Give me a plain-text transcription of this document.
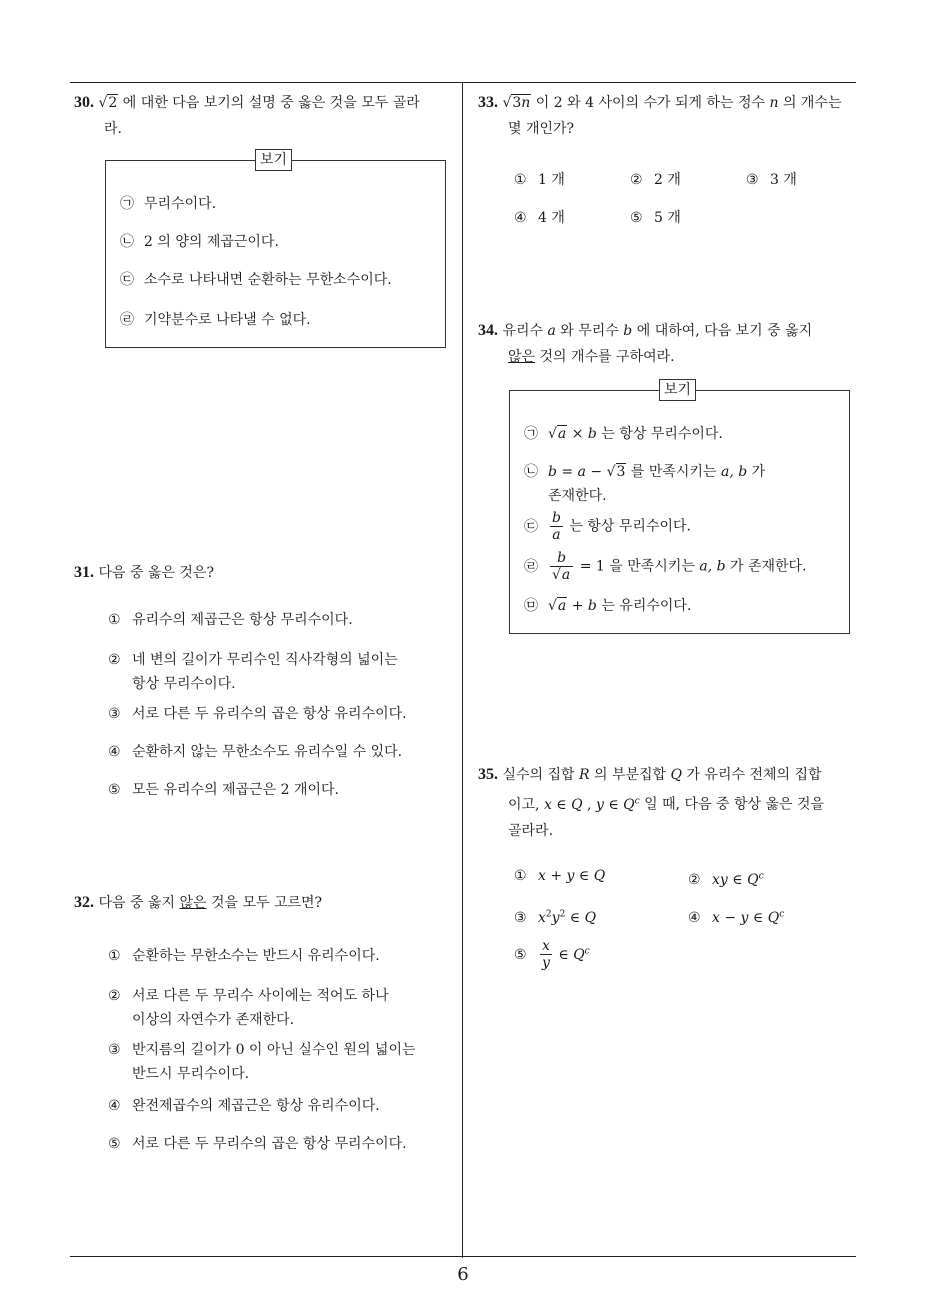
6
30. √2 에 대한 다음 보기의 설명 중 옳은 것을 모두 골라
라.
보기
㉠ 무리수이다.
㉡ 2 의 양의 제곱근이다.
㉢ 소수로 나타내면 순환하는 무한소수이다.
㉣ 기약분수로 나타낼 수 없다.
31. 다음 중 옳은 것은?
① 유리수의 제곱근은 항상 무리수이다.
② 네 변의 길이가 무리수인 직사각형의 넓이는
항상 무리수이다.
③ 서로 다른 두 유리수의 곱은 항상 유리수이다.
④ 순환하지 않는 무한소수도 유리수일 수 있다.
⑤ 모든 유리수의 제곱근은 2 개이다.
32. 다음 중 옳지 않은 것을 모두 고르면?
① 순환하는 무한소수는 반드시 유리수이다.
② 서로 다른 두 무리수 사이에는 적어도 하나
이상의 자연수가 존재한다.
③ 반지름의 길이가 0 이 아닌 실수인 원의 넓이는
반드시 무리수이다.
④ 완전제곱수의 제곱근은 항상 유리수이다.
⑤ 서로 다른 두 무리수의 곱은 항상 무리수이다.
33. √3n 이 2 와 4 사이의 수가 되게 하는 정수 n 의 개수는
몇 개인가?
① 1 개	② 2 개	③ 3 개
④ 4 개	⑤ 5 개
34. 유리수 a 와 무리수 b 에 대하여, 다음 보기 중 옳지
않은 것의 개수를 구하여라.
보기
㉠ √a × b 는 항상 무리수이다.
㉡ b = a − √3 를 만족시키는 a, b 가
존재한다.
㉢ $\frac{b}{a}$ 는 항상 무리수이다.
㉣ $\frac{b}{√a} = 1$ 을 만족시키는 a, b 가 존재한다.
㉤ √a + b 는 유리수이다.
35. 실수의 집합 R 의 부분집합 Q 가 유리수 전체의 집합
이고, x ∈ Q , y ∈ $Q^c$ 일 때, 다음 중 항상 옳은 것을
골라라.
① x + y ∈ Q	② xy ∈ $Q^c$
③ $x^2y^2$ ∈ Q	④ x − y ∈ $Q^c$
⑤ $\frac{x}{y}$ ∈ $Q^c$
